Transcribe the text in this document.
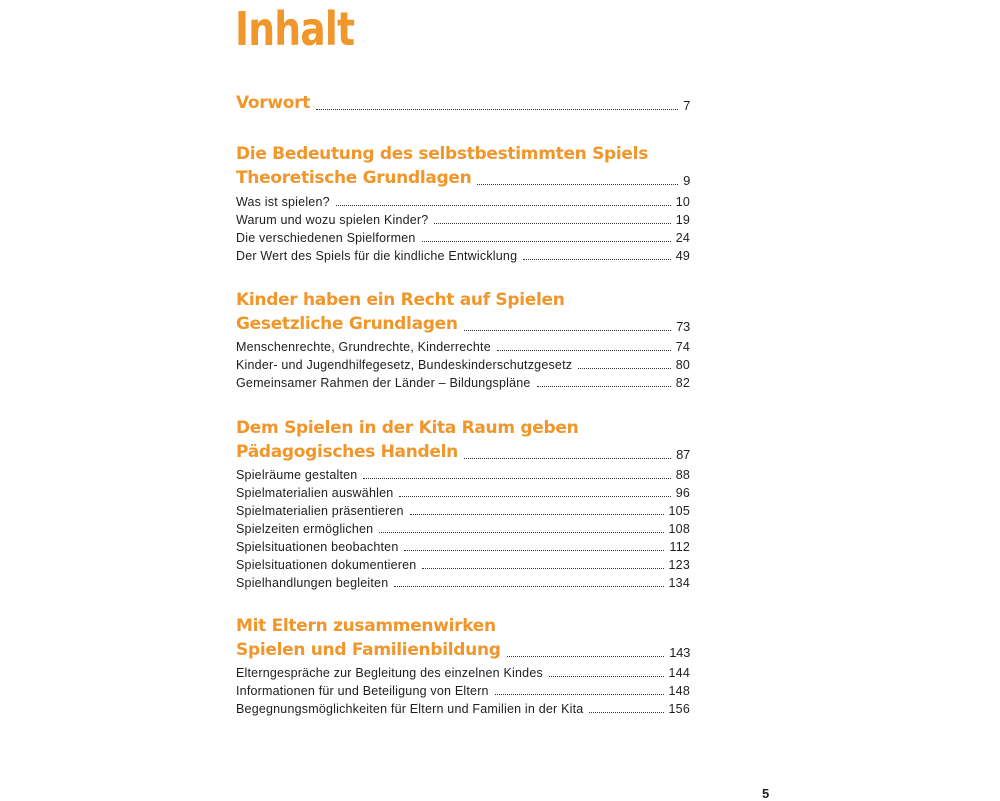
Inhalt
Vorwort	7
Die Bedeutung des selbstbestimmten Spiels
Theoretische Grundlagen	9
Was ist spielen?	10
Warum und wozu spielen Kinder?	19
Die verschiedenen Spielformen	24
Der Wert des Spiels für die kindliche Entwicklung	49
Kinder haben ein Recht auf Spielen
Gesetzliche Grundlagen	73
Menschenrechte, Grundrechte, Kinderrechte	74
Kinder- und Jugendhilfegesetz, Bundeskinderschutzgesetz	80
Gemeinsamer Rahmen der Länder – Bildungspläne	82
Dem Spielen in der Kita Raum geben
Pädagogisches Handeln	87
Spielräume gestalten	88
Spielmaterialien auswählen	96
Spielmaterialien präsentieren	105
Spielzeiten ermöglichen	108
Spielsituationen beobachten	112
Spielsituationen dokumentieren	123
Spielhandlungen begleiten	134
Mit Eltern zusammenwirken
Spielen und Familienbildung	143
Elterngespräche zur Begleitung des einzelnen Kindes	144
Informationen für und Beteiligung von Eltern	148
Begegnungsmöglichkeiten für Eltern und Familien in der Kita	156
5
